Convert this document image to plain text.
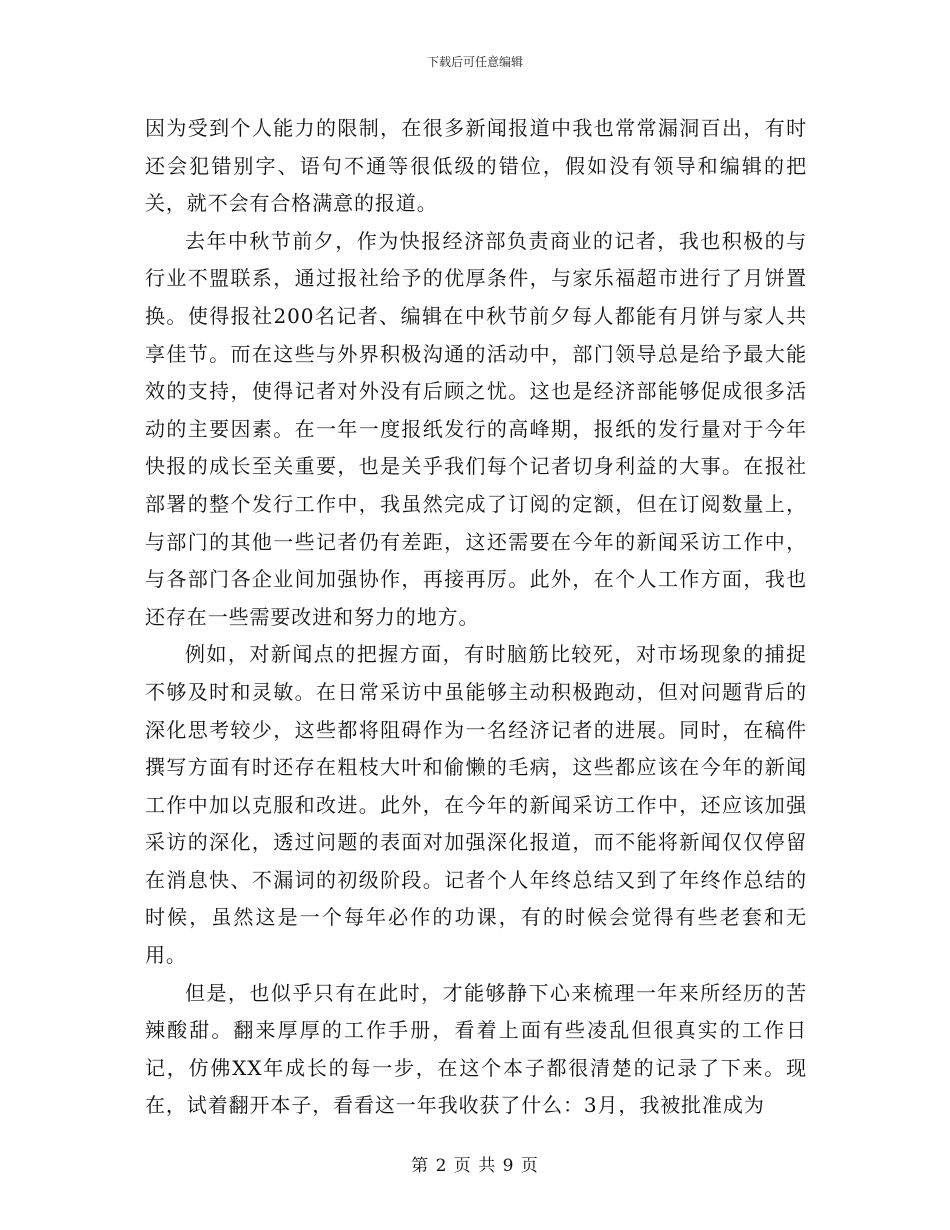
下载后可任意编辑

因为受到个人能力的限制，在很多新闻报道中我也常常漏洞百出，有时还会犯错别字、语句不通等很低级的错位，假如没有领导和编辑的把关，就不会有合格满意的报道。

去年中秋节前夕，作为快报经济部负责商业的记者，我也积极的与行业不盟联系，通过报社给予的优厚条件，与家乐福超市进行了月饼置换。使得报社200名记者、编辑在中秋节前夕每人都能有月饼与家人共享佳节。而在这些与外界积极沟通的活动中，部门领导总是给予最大能效的支持，使得记者对外没有后顾之忧。这也是经济部能够促成很多活动的主要因素。在一年一度报纸发行的高峰期，报纸的发行量对于今年快报的成长至关重要，也是关乎我们每个记者切身利益的大事。在报社部署的整个发行工作中，我虽然完成了订阅的定额，但在订阅数量上，与部门的其他一些记者仍有差距，这还需要在今年的新闻采访工作中，与各部门各企业间加强协作，再接再厉。此外，在个人工作方面，我也还存在一些需要改进和努力的地方。

例如，对新闻点的把握方面，有时脑筋比较死，对市场现象的捕捉不够及时和灵敏。在日常采访中虽能够主动积极跑动，但对问题背后的深化思考较少，这些都将阻碍作为一名经济记者的进展。同时，在稿件撰写方面有时还存在粗枝大叶和偷懒的毛病，这些都应该在今年的新闻工作中加以克服和改进。此外，在今年的新闻采访工作中，还应该加强采访的深化，透过问题的表面对加强深化报道，而不能将新闻仅仅停留在消息快、不漏词的初级阶段。记者个人年终总结又到了年终作总结的时候，虽然这是一个每年必作的功课，有的时候会觉得有些老套和无用。

但是，也似乎只有在此时，才能够静下心来梳理一年来所经历的苦辣酸甜。翻来厚厚的工作手册，看着上面有些凌乱但很真实的工作日记，仿佛XX年成长的每一步，在这个本子都很清楚的记录了下来。现在，试着翻开本子，看看这一年我收获了什么：3月，我被批准成为

第 2 页 共 9 页
